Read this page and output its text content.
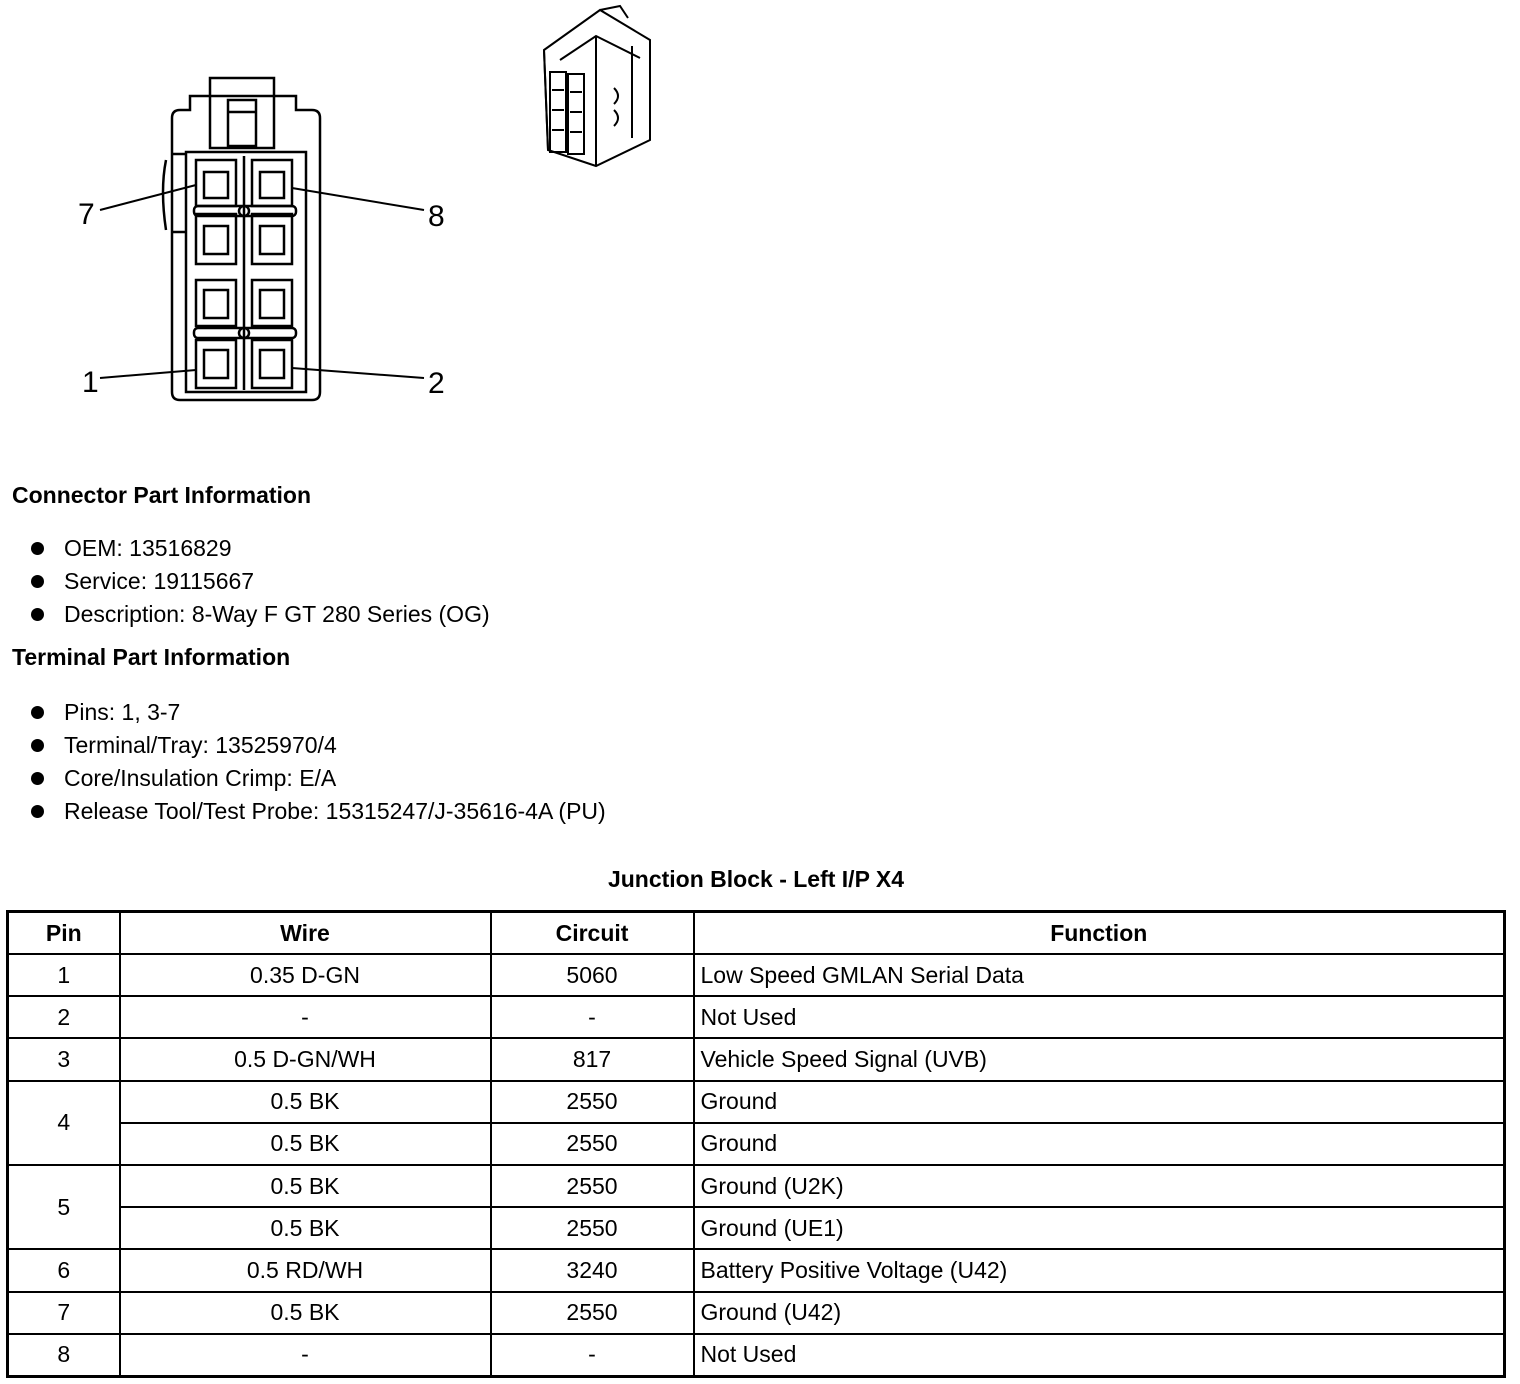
7	8
1	2
Connector Part Information
OEM: 13516829
Service: 19115667
Description: 8-Way F GT 280 Series (OG)
Terminal Part Information
Pins: 1, 3-7
Terminal/Tray: 13525970/4
Core/Insulation Crimp: E/A
Release Tool/Test Probe: 15315247/J-35616-4A (PU)
Junction Block - Left I/P X4
Pin	Wire	Circuit	Function
1	0.35 D-GN	5060	Low Speed GMLAN Serial Data
2	-	-	Not Used
3	0.5 D-GN/WH	817	Vehicle Speed Signal (UVB)
4	0.5 BK	2550	Ground
	0.5 BK	2550	Ground
5	0.5 BK	2550	Ground (U2K)
	0.5 BK	2550	Ground (UE1)
6	0.5 RD/WH	3240	Battery Positive Voltage (U42)
7	0.5 BK	2550	Ground (U42)
8	-	-	Not Used
